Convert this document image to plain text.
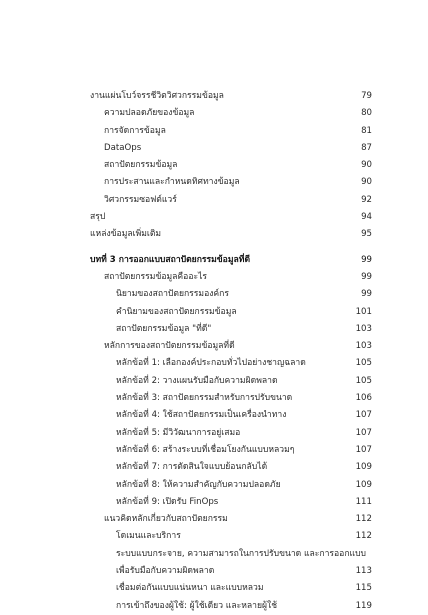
งานแผ่นโบว์จรรชีวิตวิศวกรรมข้อมูล	79
ความปลอดภัยของข้อมูล	80
การจัดการข้อมูล	81
DataOps	87
สถาปัตยกรรมข้อมูล	90
การประสานและกำหนดทิศทางข้อมูล	90
วิศวกรรมซอฟต์แวร์	92
สรุป	94
แหล่งข้อมูลเพิ่มเติม	95
บทที่ 3 การออกแบบสถาปัตยกรรมข้อมูลที่ดี	99
สถาปัตยกรรมข้อมูลคืออะไร	99
นิยามของสถาปัตยกรรมองค์กร	99
คำนิยามของสถาปัตยกรรมข้อมูล	101
สถาปัตยกรรมข้อมูล "ที่ดี"	103
หลักการของสถาปัตยกรรมข้อมูลที่ดี	103
หลักข้อที่ 1: เลือกองค์ประกอบทั่วไปอย่างชาญฉลาด	105
หลักข้อที่ 2: วางแผนรับมือกับความผิดพลาด	105
หลักข้อที่ 3: สถาปัตยกรรมสำหรับการปรับขนาด	106
หลักข้อที่ 4: ใช้สถาปัตยกรรมเป็นเครื่องนำทาง	107
หลักข้อที่ 5: มีวิวัฒนาการอยู่เสมอ	107
หลักข้อที่ 6: สร้างระบบที่เชื่อมโยงกันแบบหลวมๆ	107
หลักข้อที่ 7: การตัดสินใจแบบย้อนกลับได้	109
หลักข้อที่ 8: ให้ความสำคัญกับความปลอดภัย	109
หลักข้อที่ 9: เปิดรับ FinOps	111
แนวคิดหลักเกี่ยวกับสถาปัตยกรรม	112
โดเมนและบริการ	112
ระบบแบบกระจาย, ความสามารถในการปรับขนาด และการออกแบบ
เพื่อรับมือกับความผิดพลาด	113
เชื่อมต่อกันแบบแน่นหนา และแบบหลวม	115
การเข้าถึงของผู้ใช้: ผู้ใช้เดียว และหลายผู้ใช้	119
